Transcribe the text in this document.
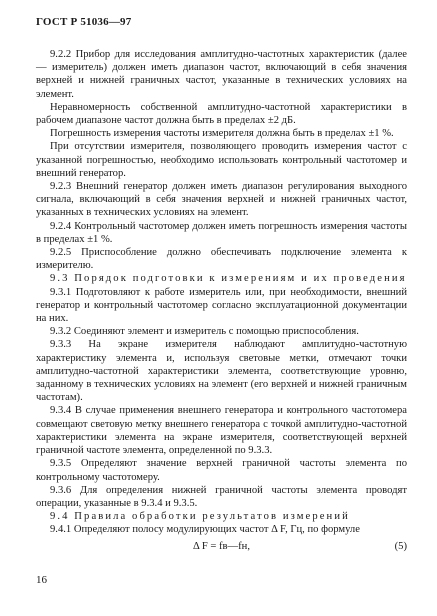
ГОСТ Р 51036—97

9.2.2 Прибор для исследования амплитудно-частотных характеристик (далее — измеритель) должен иметь диапазон частот, включающий в себя значения верхней и нижней граничных частот, указанные в технических условиях на элемент.

Неравномерность собственной амплитудно-частотной характеристики в рабочем диапазоне частот должна быть в пределах ±2 дБ.

Погрешность измерения частоты измерителя должна быть в пределах ±1 %.

При отсутствии измерителя, позволяющего проводить измерения частот с указанной погрешностью, необходимо использовать контрольный частотомер и внешний генератор.

9.2.3 Внешний генератор должен иметь диапазон регулирования выходного сигнала, включающий в себя значения верхней и нижней граничных частот, указанных в технических условиях на элемент.

9.2.4 Контрольный частотомер должен иметь погрешность измерения частоты в пределах ±1 %.

9.2.5 Приспособление должно обеспечивать подключение элемента к измерителю.

9.3 Порядок подготовки к измерениям и их проведения

9.3.1 Подготовляют к работе измеритель или, при необходимости, внешний генератор и контрольный частотомер согласно эксплуатационной документации на них.

9.3.2 Соединяют элемент и измеритель с помощью приспособления.

9.3.3 На экране измерителя наблюдают амплитудно-частотную характеристику элемента и, используя световые метки, отмечают точки амплитудно-частотной характеристики элемента, соответствующие уровню, заданному в технических условиях на элемент (его верхней и нижней граничным частотам).

9.3.4 В случае применения внешнего генератора и контрольного частотомера совмещают световую метку внешнего генератора с точкой амплитудно-частотной характеристики элемента на экране измерителя, соответствующей верхней граничной частоте элемента, определенной по 9.3.3.

9.3.5 Определяют значение верхней граничной частоты элемента по контрольному частотомеру.

9.3.6 Для определения нижней граничной частоты элемента проводят операции, указанные в 9.3.4 и 9.3.5.

9.4 Правила обработки результатов измерений

9.4.1 Определяют полосу модулирующих частот Δ F, Гц, по формуле

Δ F = fв—fн,	(5)
16
